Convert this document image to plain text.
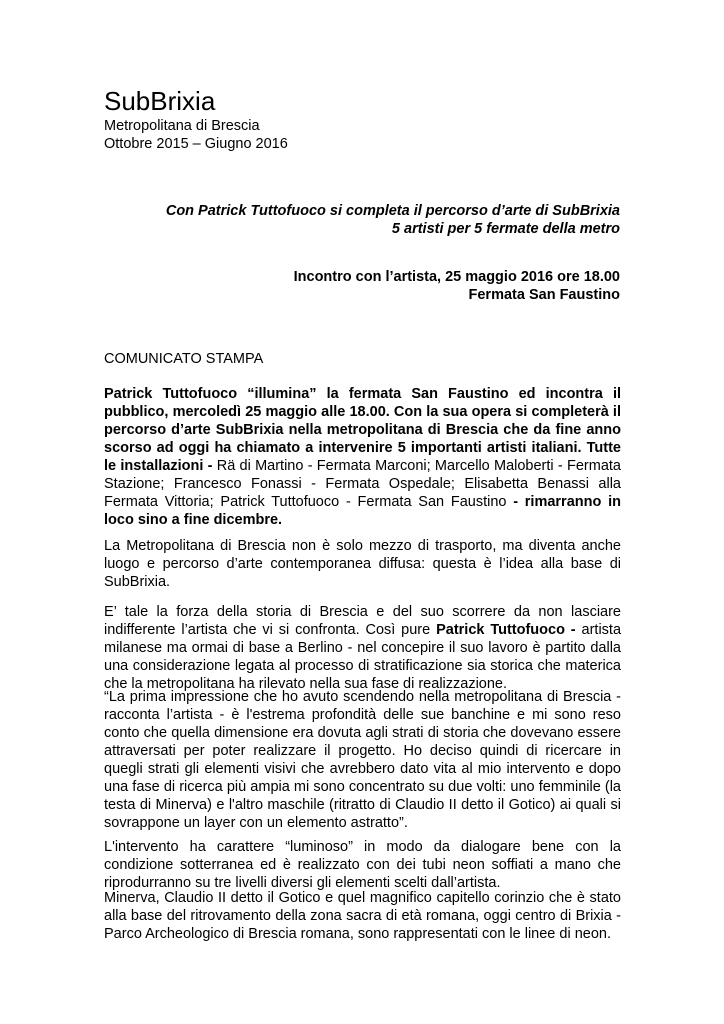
SubBrixia
Metropolitana di Brescia
Ottobre 2015 – Giugno 2016
Con Patrick Tuttofuoco si completa il percorso d’arte di SubBrixia
5 artisti per 5 fermate della metro
Incontro con l’artista, 25 maggio 2016 ore 18.00
Fermata San Faustino
COMUNICATO STAMPA
Patrick Tuttofuoco “illumina” la fermata San Faustino ed incontra il pubblico, mercoledì 25 maggio alle 18.00. Con la sua opera si completerà il percorso d’arte SubBrixia nella metropolitana di Brescia che da fine anno scorso ad oggi ha chiamato a intervenire 5 importanti artisti italiani. Tutte le installazioni - Rä di Martino - Fermata Marconi; Marcello Maloberti - Fermata Stazione; Francesco Fonassi - Fermata Ospedale; Elisabetta Benassi alla Fermata Vittoria; Patrick Tuttofuoco - Fermata San Faustino - rimarranno in loco sino a fine dicembre.
La Metropolitana di Brescia non è solo mezzo di trasporto, ma diventa anche luogo e percorso d’arte contemporanea diffusa: questa è l’idea alla base di SubBrixia.
E’ tale la forza della storia di Brescia e del suo scorrere da non lasciare indifferente l’artista che vi si confronta. Così pure Patrick Tuttofuoco - artista milanese ma ormai di base a Berlino - nel concepire il suo lavoro è partito dalla una considerazione legata al processo di stratificazione sia storica che materica che la metropolitana ha rilevato nella sua fase di realizzazione.
“La prima impressione che ho avuto scendendo nella metropolitana di Brescia - racconta l’artista - è l'estrema profondità delle sue banchine e mi sono reso conto che quella dimensione era dovuta agli strati di storia che dovevano essere attraversati per poter realizzare il progetto. Ho deciso quindi di ricercare in quegli strati gli elementi visivi che avrebbero dato vita al mio intervento e dopo una fase di ricerca più ampia mi sono concentrato su due volti: uno femminile (la testa di Minerva) e l'altro maschile (ritratto di Claudio II detto il Gotico) ai quali si sovrappone un layer con un elemento astratto”.
L'intervento ha carattere “luminoso” in modo da dialogare bene con la condizione sotterranea ed è realizzato con dei tubi neon soffiati a mano che riprodurranno su tre livelli diversi gli elementi scelti dall’artista.
Minerva, Claudio II detto il Gotico e quel magnifico capitello corinzio che è stato alla base del ritrovamento della zona sacra di età romana, oggi centro di Brixia - Parco Archeologico di Brescia romana, sono rappresentati con le linee di neon.
